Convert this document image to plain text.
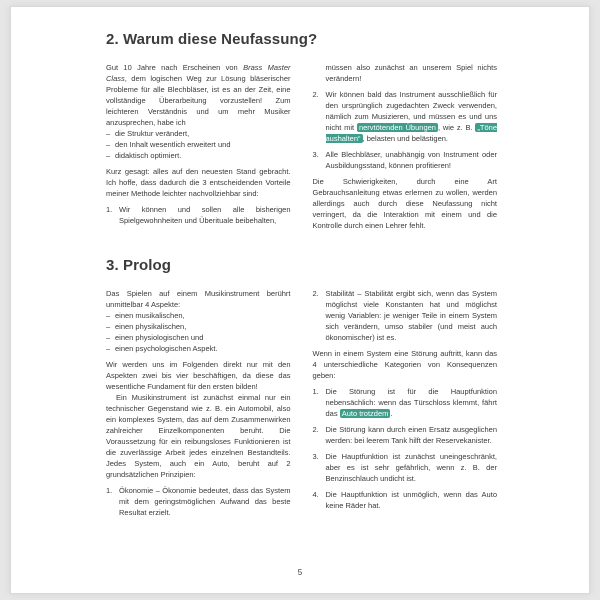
2. Warum diese Neufassung?
Gut 10 Jahre nach Erscheinen von Brass Master Class, dem logischen Weg zur Lösung bläserischer Probleme für alle Blechbläser, ist es an der Zeit, eine vollständige Überarbeitung vorzustellen! Zum leichteren Verständnis und um mehr Musiker anzusprechen, habe ich
– die Struktur verändert,
– den Inhalt wesentlich erweitert und
– didaktisch optimiert.
Kurz gesagt: alles auf den neuesten Stand gebracht. Ich hoffe, dass dadurch die 3 entscheidenden Vorteile meiner Methode leichter nachvollziehbar sind:
1. Wir können und sollen alle bisherigen Spielgewohnheiten und Überituale beibehalten,
müssen also zunächst an unserem Spiel nichts verändern!
2. Wir können bald das Instrument ausschließlich für den ursprünglich zugedachten Zweck verwenden, nämlich zum Musizieren, und müssen es und uns nicht mit nervtötenden Übungen , wie z. B. „Töne aushalten“ , belasten und belästigen.
3. Alle Blechbläser, unabhängig von Instrument oder Ausbildungsstand, können profitieren!
Die Schwierigkeiten, durch eine Art Gebrauchsanleitung etwas erlernen zu wollen, werden allerdings auch durch diese Neufassung nicht verringert, da die Interaktion mit einem und die Kontrolle durch einen Lehrer fehlt.
3. Prolog
Das Spielen auf einem Musikinstrument berührt unmittelbar 4 Aspekte:
– einen musikalischen,
– einen physikalischen,
– einen physiologischen und
– einen psychologischen Aspekt.
Wir werden uns im Folgenden direkt nur mit den Aspekten zwei bis vier beschäftigen, da diese das wesentliche Fundament für den ersten bilden!
Ein Musikinstrument ist zunächst einmal nur ein technischer Gegenstand wie z. B. ein Automobil, also ein komplexes System, das auf dem Zusammenwirken zahlreicher Einzelkomponenten beruht. Die Voraussetzung für ein reibungsloses Funktionieren ist die zuverlässige Arbeit jedes einzelnen Bestandteils. Jedes System, auch ein Auto, beruht auf 2 grundsätzlichen Prinzipien:
1. Ökonomie – Ökonomie bedeutet, dass das System mit dem geringstmöglichen Aufwand das beste Resultat erzielt.
2. Stabilität – Stabilität ergibt sich, wenn das System möglichst viele Konstanten hat und möglichst wenig Variablen: je weniger Teile in einem System sich verändern, umso stabiler (und meist auch ökonomischer) ist es.
Wenn in einem System eine Störung auftritt, kann das 4 unterschiedliche Kategorien von Konsequenzen geben:
1. Die Störung ist für die Hauptfunktion nebensächlich: wenn das Türschloss klemmt, fährt das Auto trotzdem .
2. Die Störung kann durch einen Ersatz ausgeglichen werden: bei leerem Tank hilft der Reservekanister.
3. Die Hauptfunktion ist zunächst uneingeschränkt, aber es ist sehr gefährlich, wenn z. B. der Benzinschlauch undicht ist.
4. Die Hauptfunktion ist unmöglich, wenn das Auto keine Räder hat.
5
